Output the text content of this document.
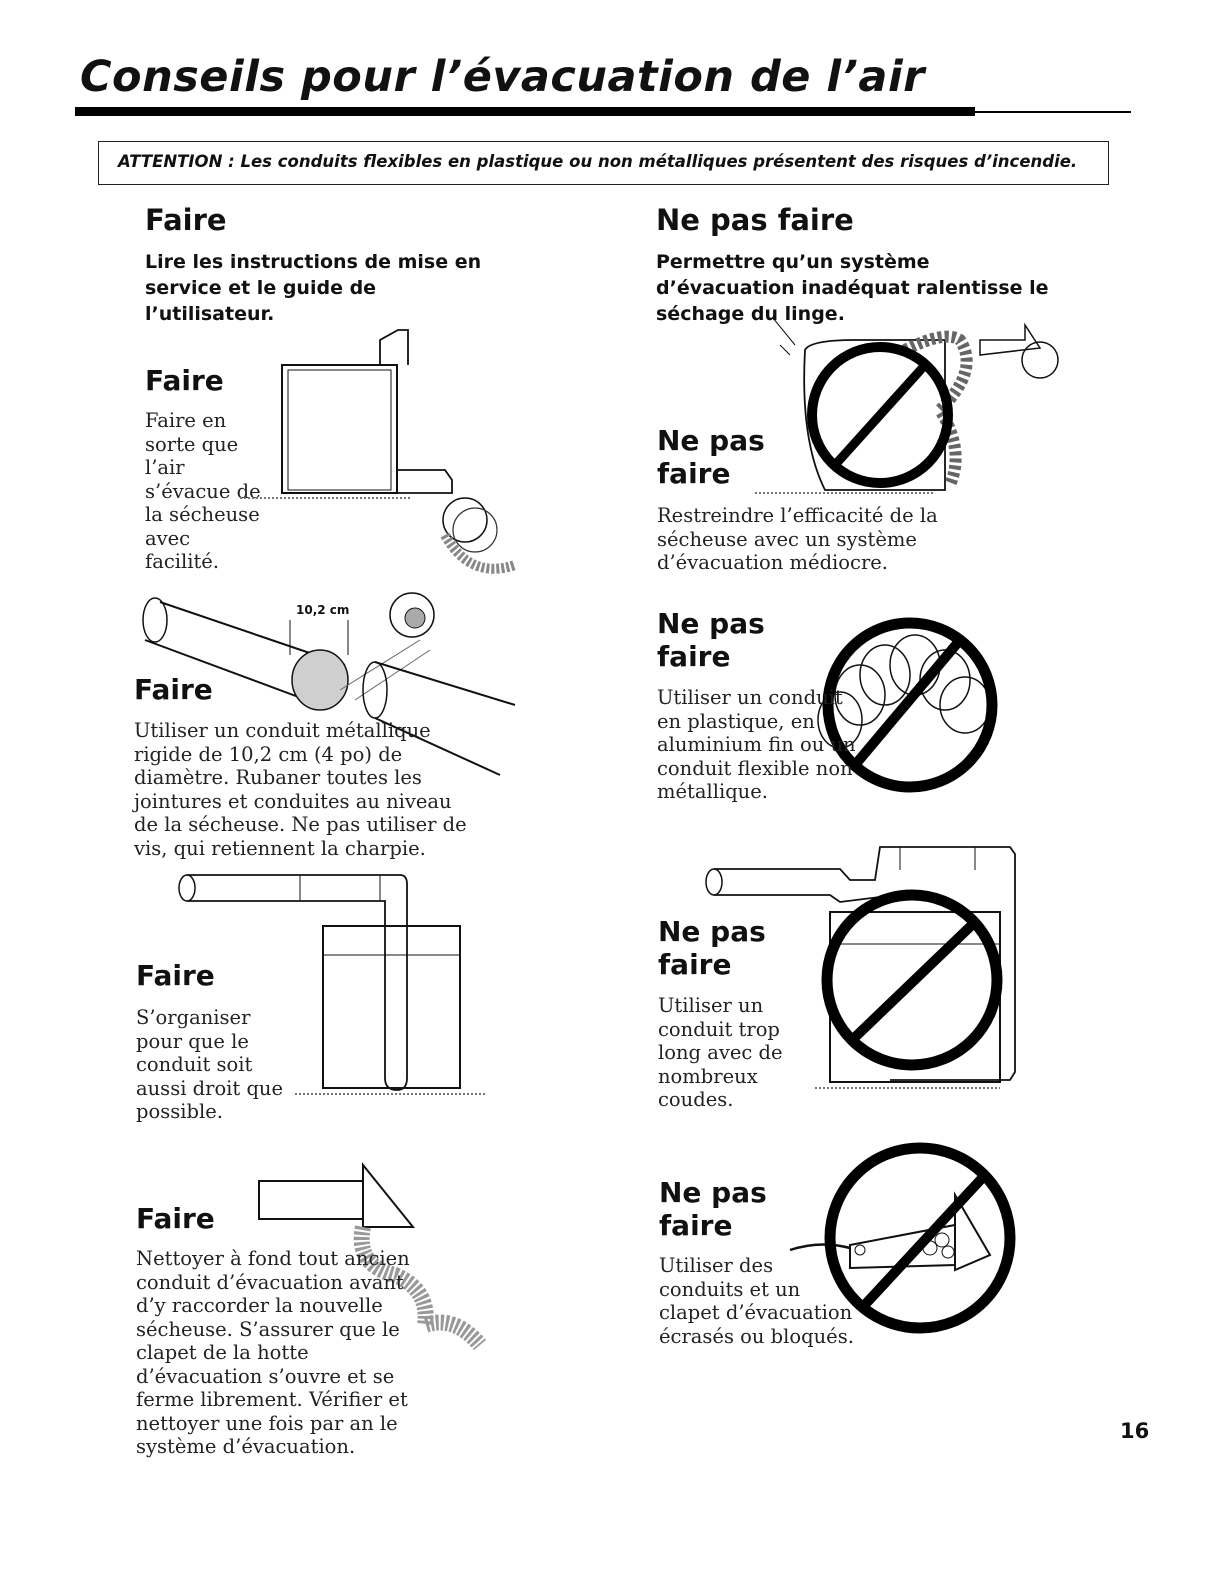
Conseils pour l’évacuation de l’air
ATTENTION : Les conduits flexibles en plastique ou non métalliques présentent des risques d’incendie.
Faire
Lire les instructions de mise en service et le guide de l’utilisateur.
Faire
Faire en sorte que l’air s’évacue de la sécheuse avec facilité.
10,2 cm
Faire
Utiliser un conduit métallique rigide de 10,2 cm (4 po) de diamètre. Rubaner toutes les jointures et conduites au niveau de la sécheuse. Ne pas utiliser de vis, qui retiennent la charpie.
Faire
S’organiser pour que le conduit soit aussi droit que possible.
Faire
Nettoyer à fond tout ancien conduit d’évacuation avant d’y raccorder la nouvelle sécheuse. S’assurer que le clapet de la hotte d’évacuation s’ouvre et se ferme librement. Vérifier et nettoyer une fois par an le système d’évacuation.
Ne pas faire
Permettre qu’un système d’évacuation inadéquat ralentisse le séchage du linge.
Ne pas
faire
Restreindre l’efficacité de la sécheuse avec un système d’évacuation médiocre.
Ne pas
faire
Utiliser un conduit en plastique, en aluminium fin ou un conduit flexible non métallique.
Ne pas
faire
Utiliser un conduit trop long avec de nombreux coudes.
Ne pas
faire
Utiliser des conduits et un clapet d’évacuation écrasés ou bloqués.
16
